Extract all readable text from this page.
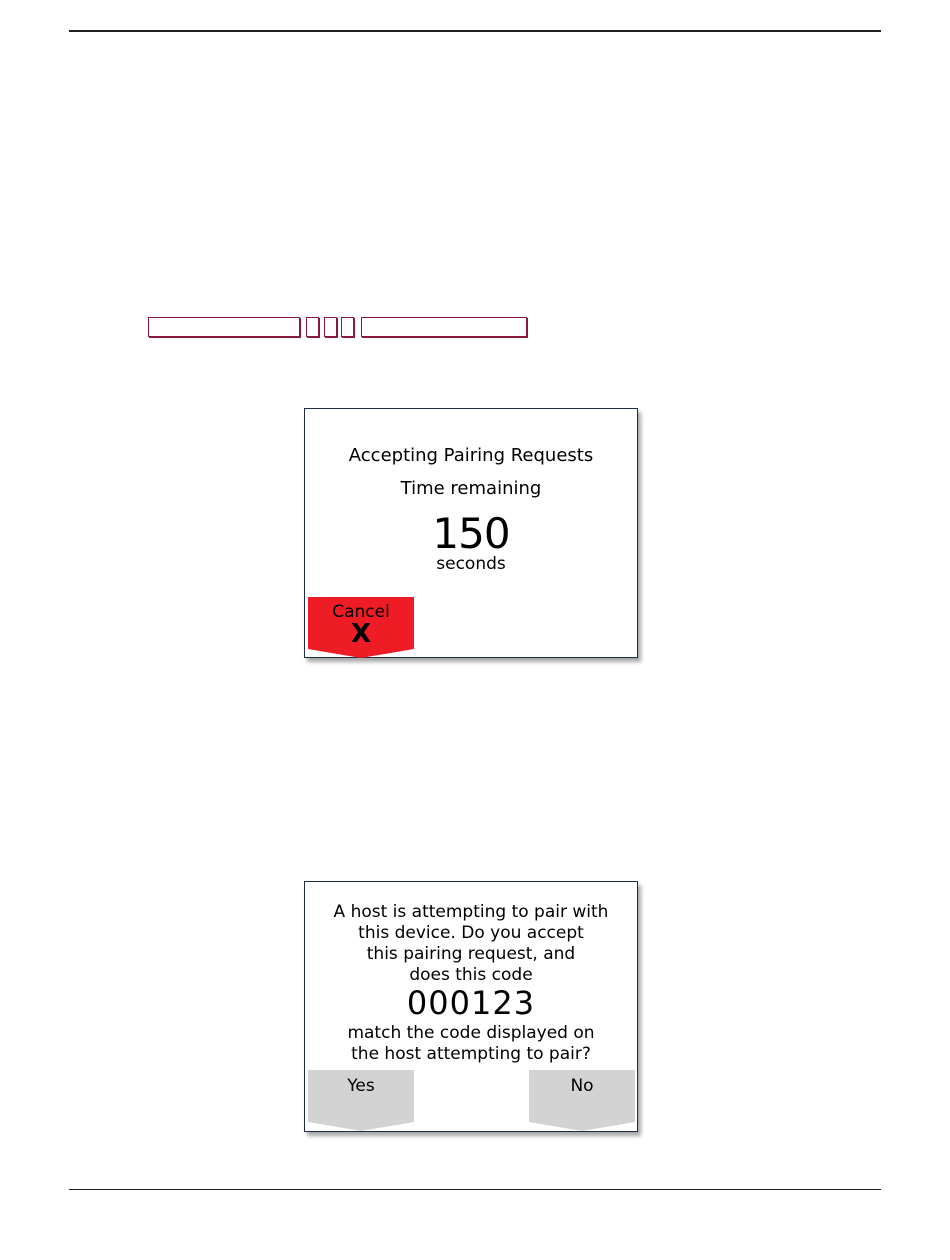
Accepting Pairing Requests
Time remaining
150
seconds
Cancel
X
A host is attempting to pair with
this device. Do you accept
this pairing request, and
does this code
000123
match the code displayed on
the host attempting to pair?
Yes	No
